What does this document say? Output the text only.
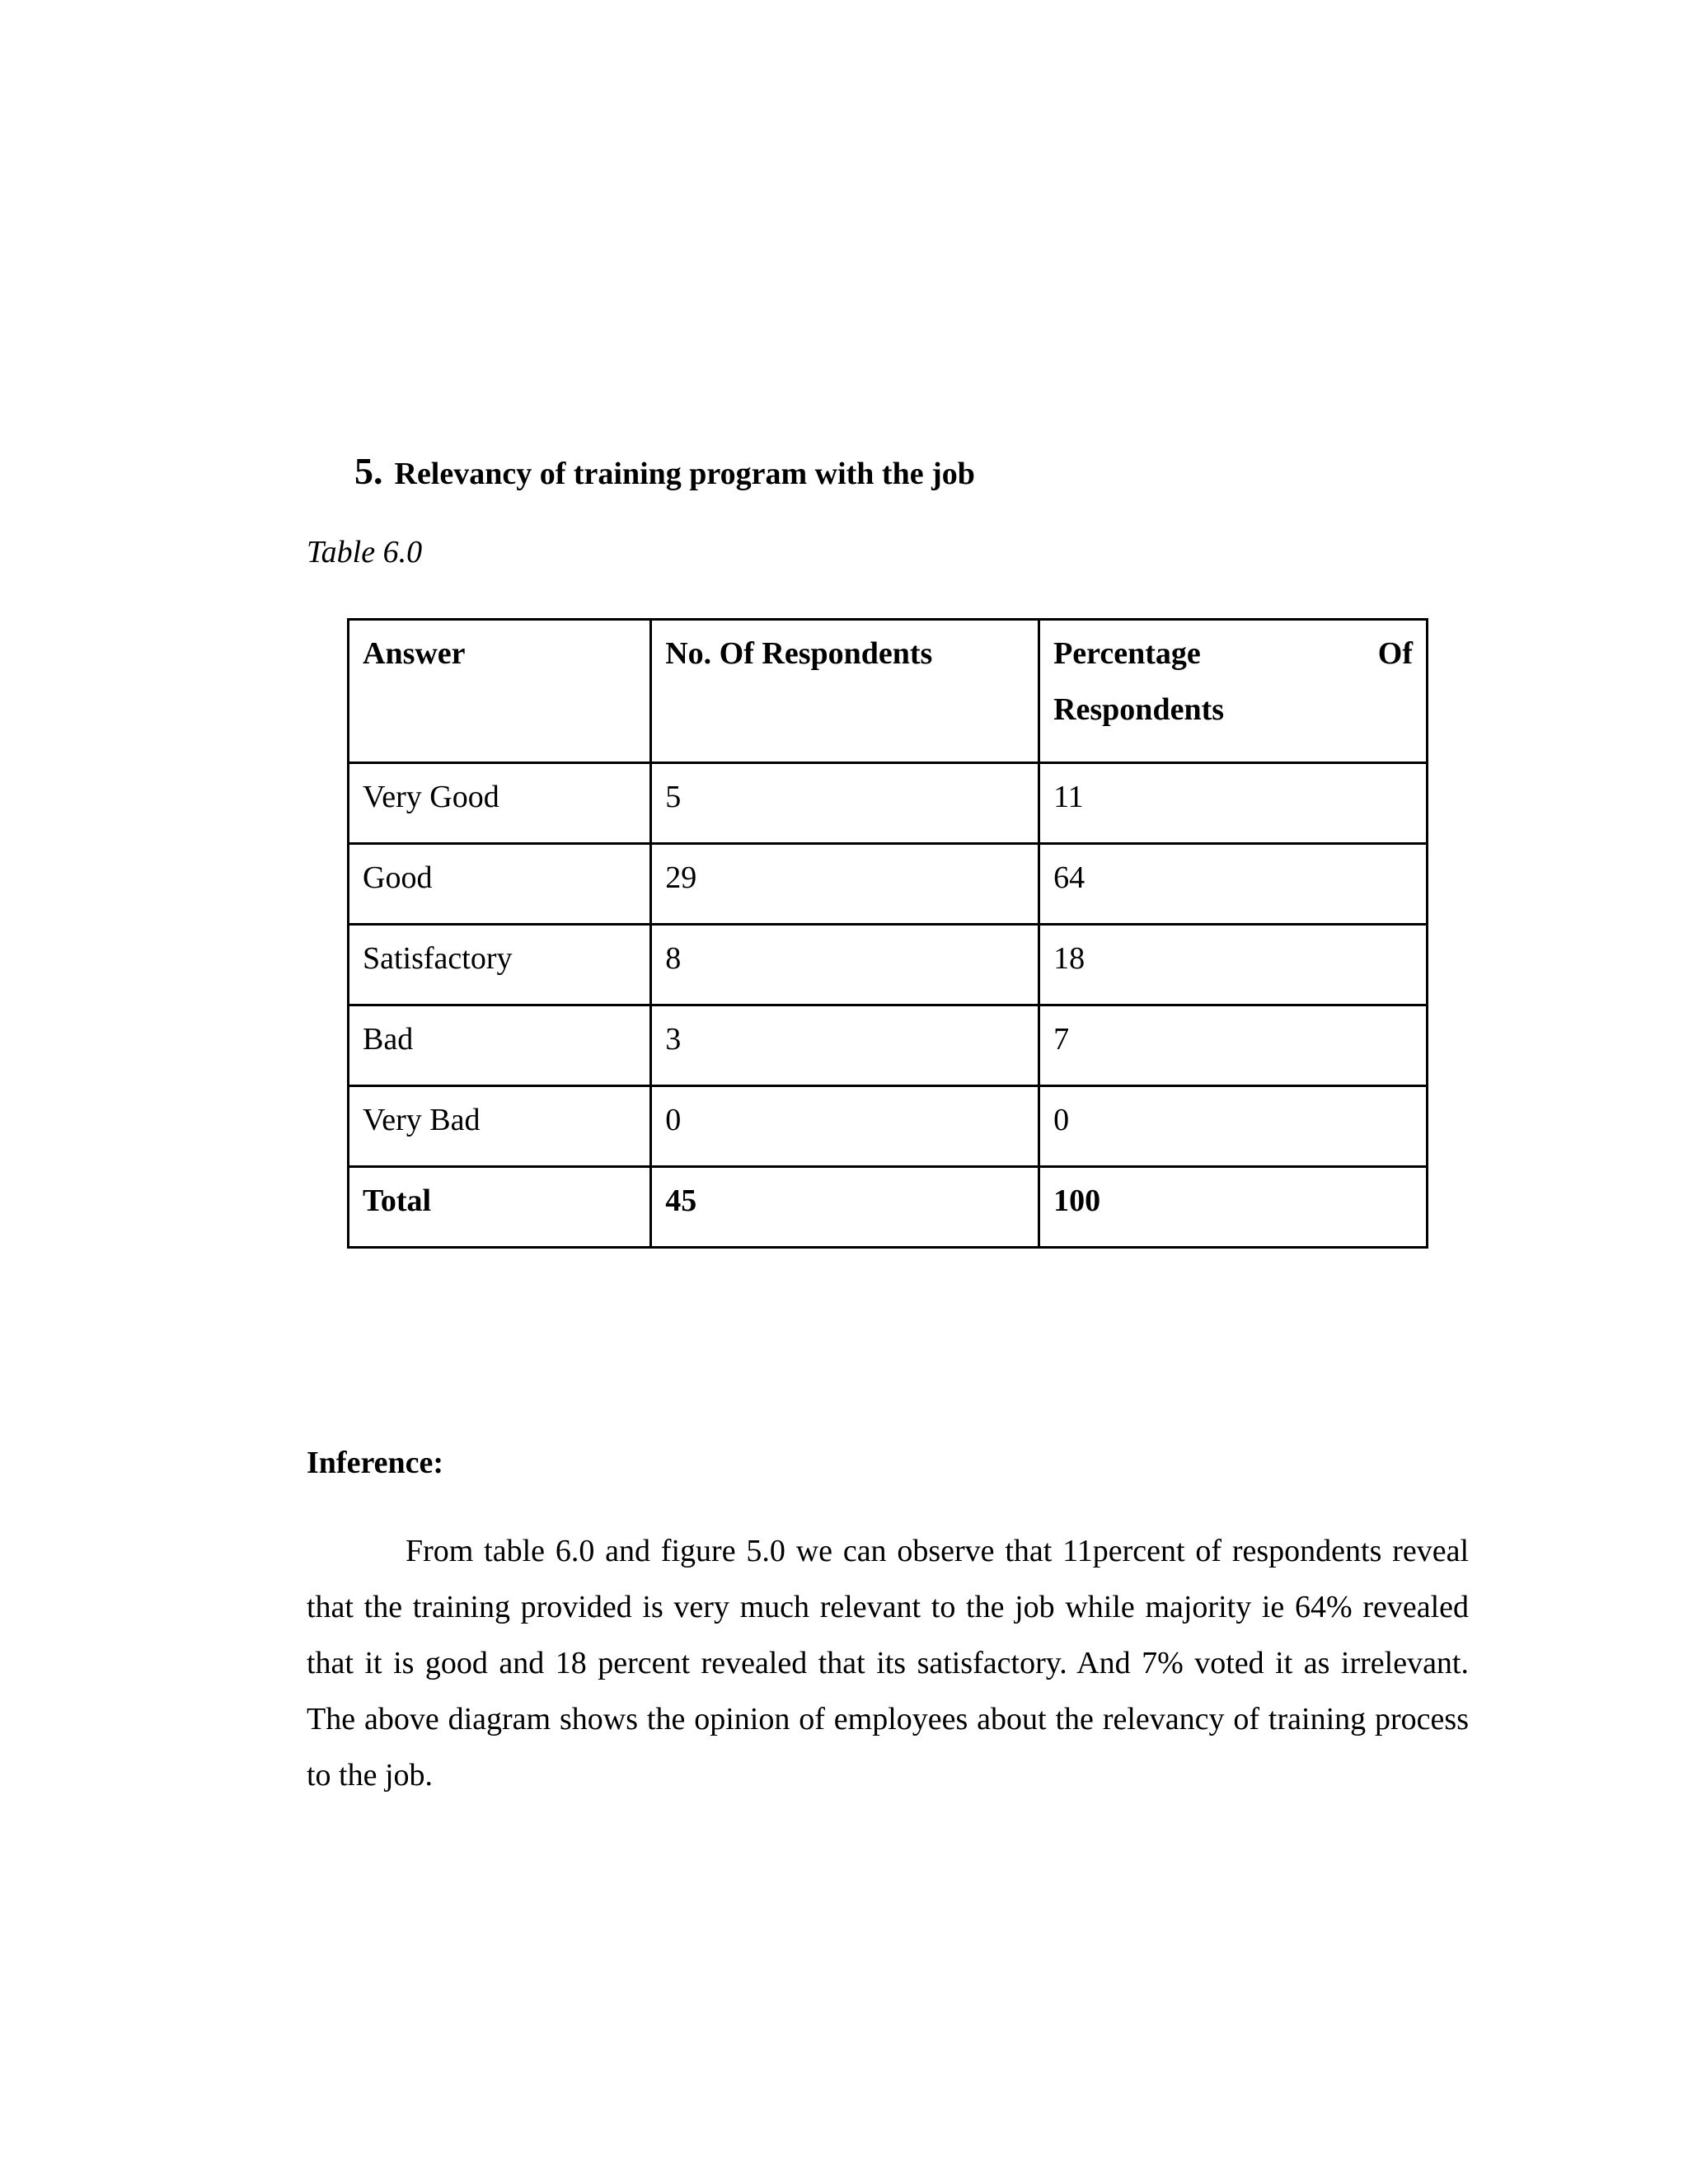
5. Relevancy of training program with the job
Table 6.0
Answer	No. Of Respondents	Percentage Of
Respondents

Very Good	5	11
Good	29	64
Satisfactory	8	18
Bad	3	7
Very Bad	0	0
Total	45	100
Inference:

From table 6.0 and figure 5.0 we can observe that 11percent of respondents reveal that the training provided is very much relevant to the job while majority ie 64% revealed that it is good and 18 percent revealed that its satisfactory. And 7% voted it as irrelevant. The above diagram shows the opinion of employees about the relevancy of training process to the job.
